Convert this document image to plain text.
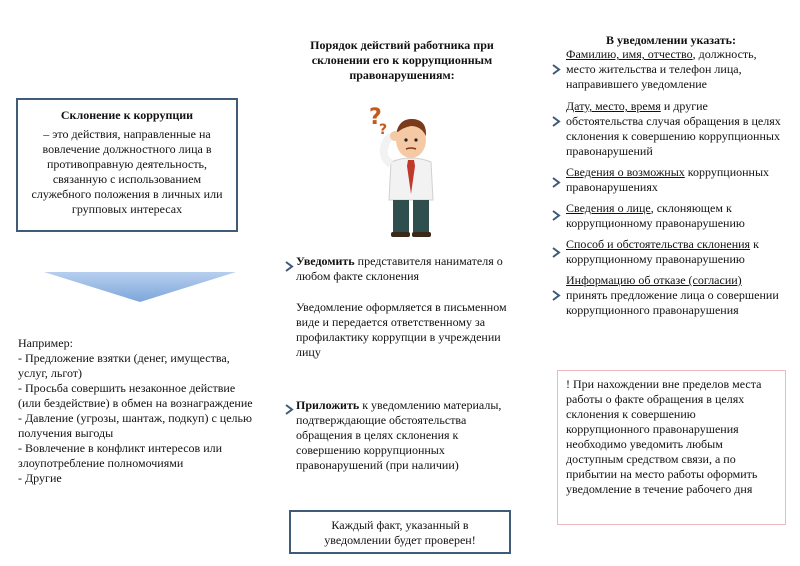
Склонение к коррупции
– это действия, направленные на вовлечение должностного лица в противоправную деятельность, связанную с использованием служебного положения в личных или групповых интересах
Например:
- Предложение взятки (денег, имущества, услуг, льгот)
- Просьба совершить незаконное действие (или бездействие) в обмен на вознаграждение
- Давление (угрозы, шантаж, подкуп) с целью получения выгоды
- Вовлечение в конфликт интересов или злоупотребление полномочиями
- Другие
Порядок действий работника при склонении его к коррупционным правонарушениям:
?
?
Уведомить представителя нанимателя о любом факте склонения
Уведомление оформляется в письменном виде и передается ответственному за профилактику коррупции в учреждении лицу
Приложить к уведомлению материалы, подтверждающие обстоятельства обращения в целях склонения к совершению коррупционных правонарушений (при наличии)
Каждый факт, указанный в уведомлении будет проверен!
В уведомлении указать:
Фамилию, имя, отчество, должность, место жительства и телефон лица, направившего уведомление
Дату, место, время и другие обстоятельства случая обращения в целях склонения к совершению коррупционных правонарушений
Сведения о возможных коррупционных правонарушениях
Сведения о лице, склоняющем к коррупционному правонарушению
Способ и обстоятельства склонения к коррупционному правонарушению
Информацию об отказе (согласии) принять предложение лица о совершении коррупционного правонарушения
! При нахождении вне пределов места работы о факте обращения в целях склонения к совершению коррупционного правонарушения необходимо уведомить любым доступным средством связи, а по прибытии на место работы оформить уведомление в течение рабочего дня
